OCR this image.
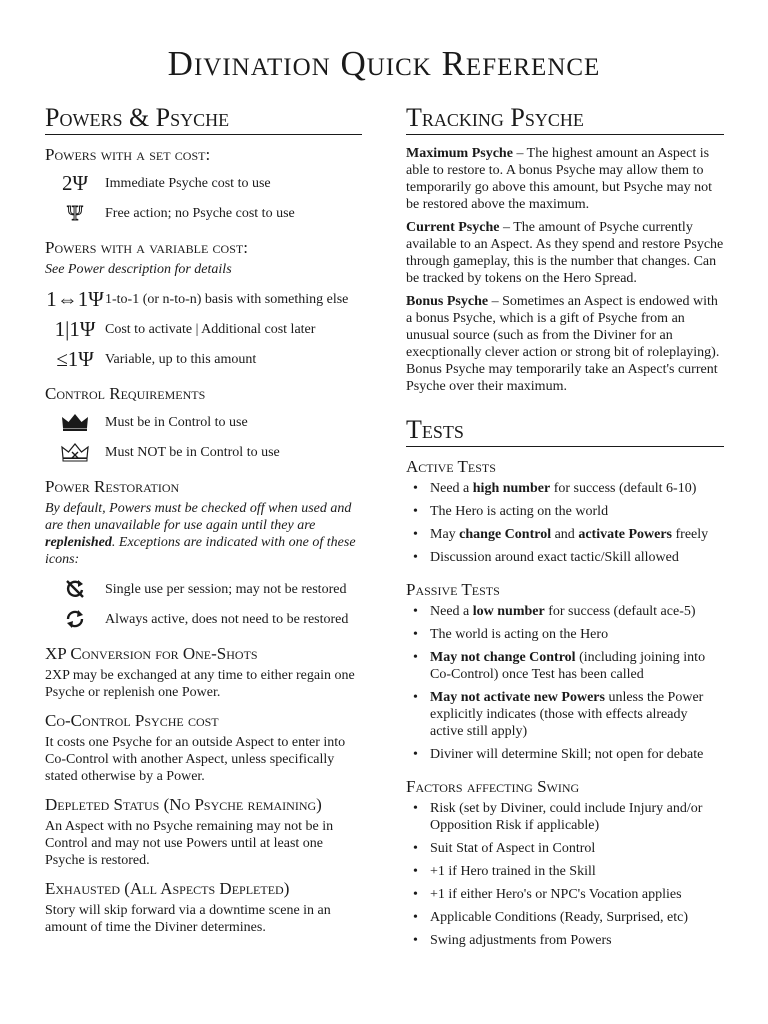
Divination Quick Reference
Powers & Psyche
Powers with a set cost:
2Ψ	Immediate Psyche cost to use
Ψ	Free action; no Psyche cost to use
Powers with a variable cost:
See Power description for details
1⇔1Ψ 1-to-1 (or n-to-n) basis with something else
1|1Ψ Cost to activate | Additional cost later
≤1Ψ Variable, up to this amount
Control Requirements
Must be in Control to use
Must NOT be in Control to use
Power Restoration
By default, Powers must be checked off when used and are then unavailable for use again until they are replenished. Exceptions are indicated with one of these icons:
Single use per session; may not be restored
Always active, does not need to be restored
XP Conversion for One-Shots
2XP may be exchanged at any time to either regain one Psyche or replenish one Power.
Co-Control Psyche cost
It costs one Psyche for an outside Aspect to enter into Co-Control with another Aspect, unless specifically stated otherwise by a Power.
Depleted Status (No Psyche remaining)
An Aspect with no Psyche remaining may not be in Control and may not use Powers until at least one Psyche is restored.
Exhausted (All Aspects Depleted)
Story will skip forward via a downtime scene in an amount of time the Diviner determines.
Tracking Psyche

Maximum Psyche – The highest amount an Aspect is able to restore to. A bonus Psyche may allow them to temporarily go above this amount, but Psyche may not be restored above the maximum.

Current Psyche – The amount of Psyche currently available to an Aspect. As they spend and restore Psyche through gameplay, this is the number that changes. Can be tracked by tokens on the Hero Spread.

Bonus Psyche – Sometimes an Aspect is endowed with a bonus Psyche, which is a gift of Psyche from an unusual source (such as from the Diviner for an execptionally clever action or strong bit of roleplaying). Bonus Psyche may temporarily take an Aspect's current Psyche over their maximum.

Tests
Active Tests
• Need a high number for success (default 6-10)
• The Hero is acting on the world
• May change Control and activate Powers freely
• Discussion around exact tactic/Skill allowed
Passive Tests
• Need a low number for success (default ace-5)
• The world is acting on the Hero
• May not change Control (including joining into Co-Control) once Test has been called
• May not activate new Powers unless the Power explicitly indicates (those with effects already active still apply)
• Diviner will determine Skill; not open for debate
Factors affecting Swing
• Risk (set by Diviner, could include Injury and/or Opposition Risk if applicable)
• Suit Stat of Aspect in Control
• +1 if Hero trained in the Skill
• +1 if either Hero's or NPC's Vocation applies
• Applicable Conditions (Ready, Surprised, etc)
• Swing adjustments from Powers
